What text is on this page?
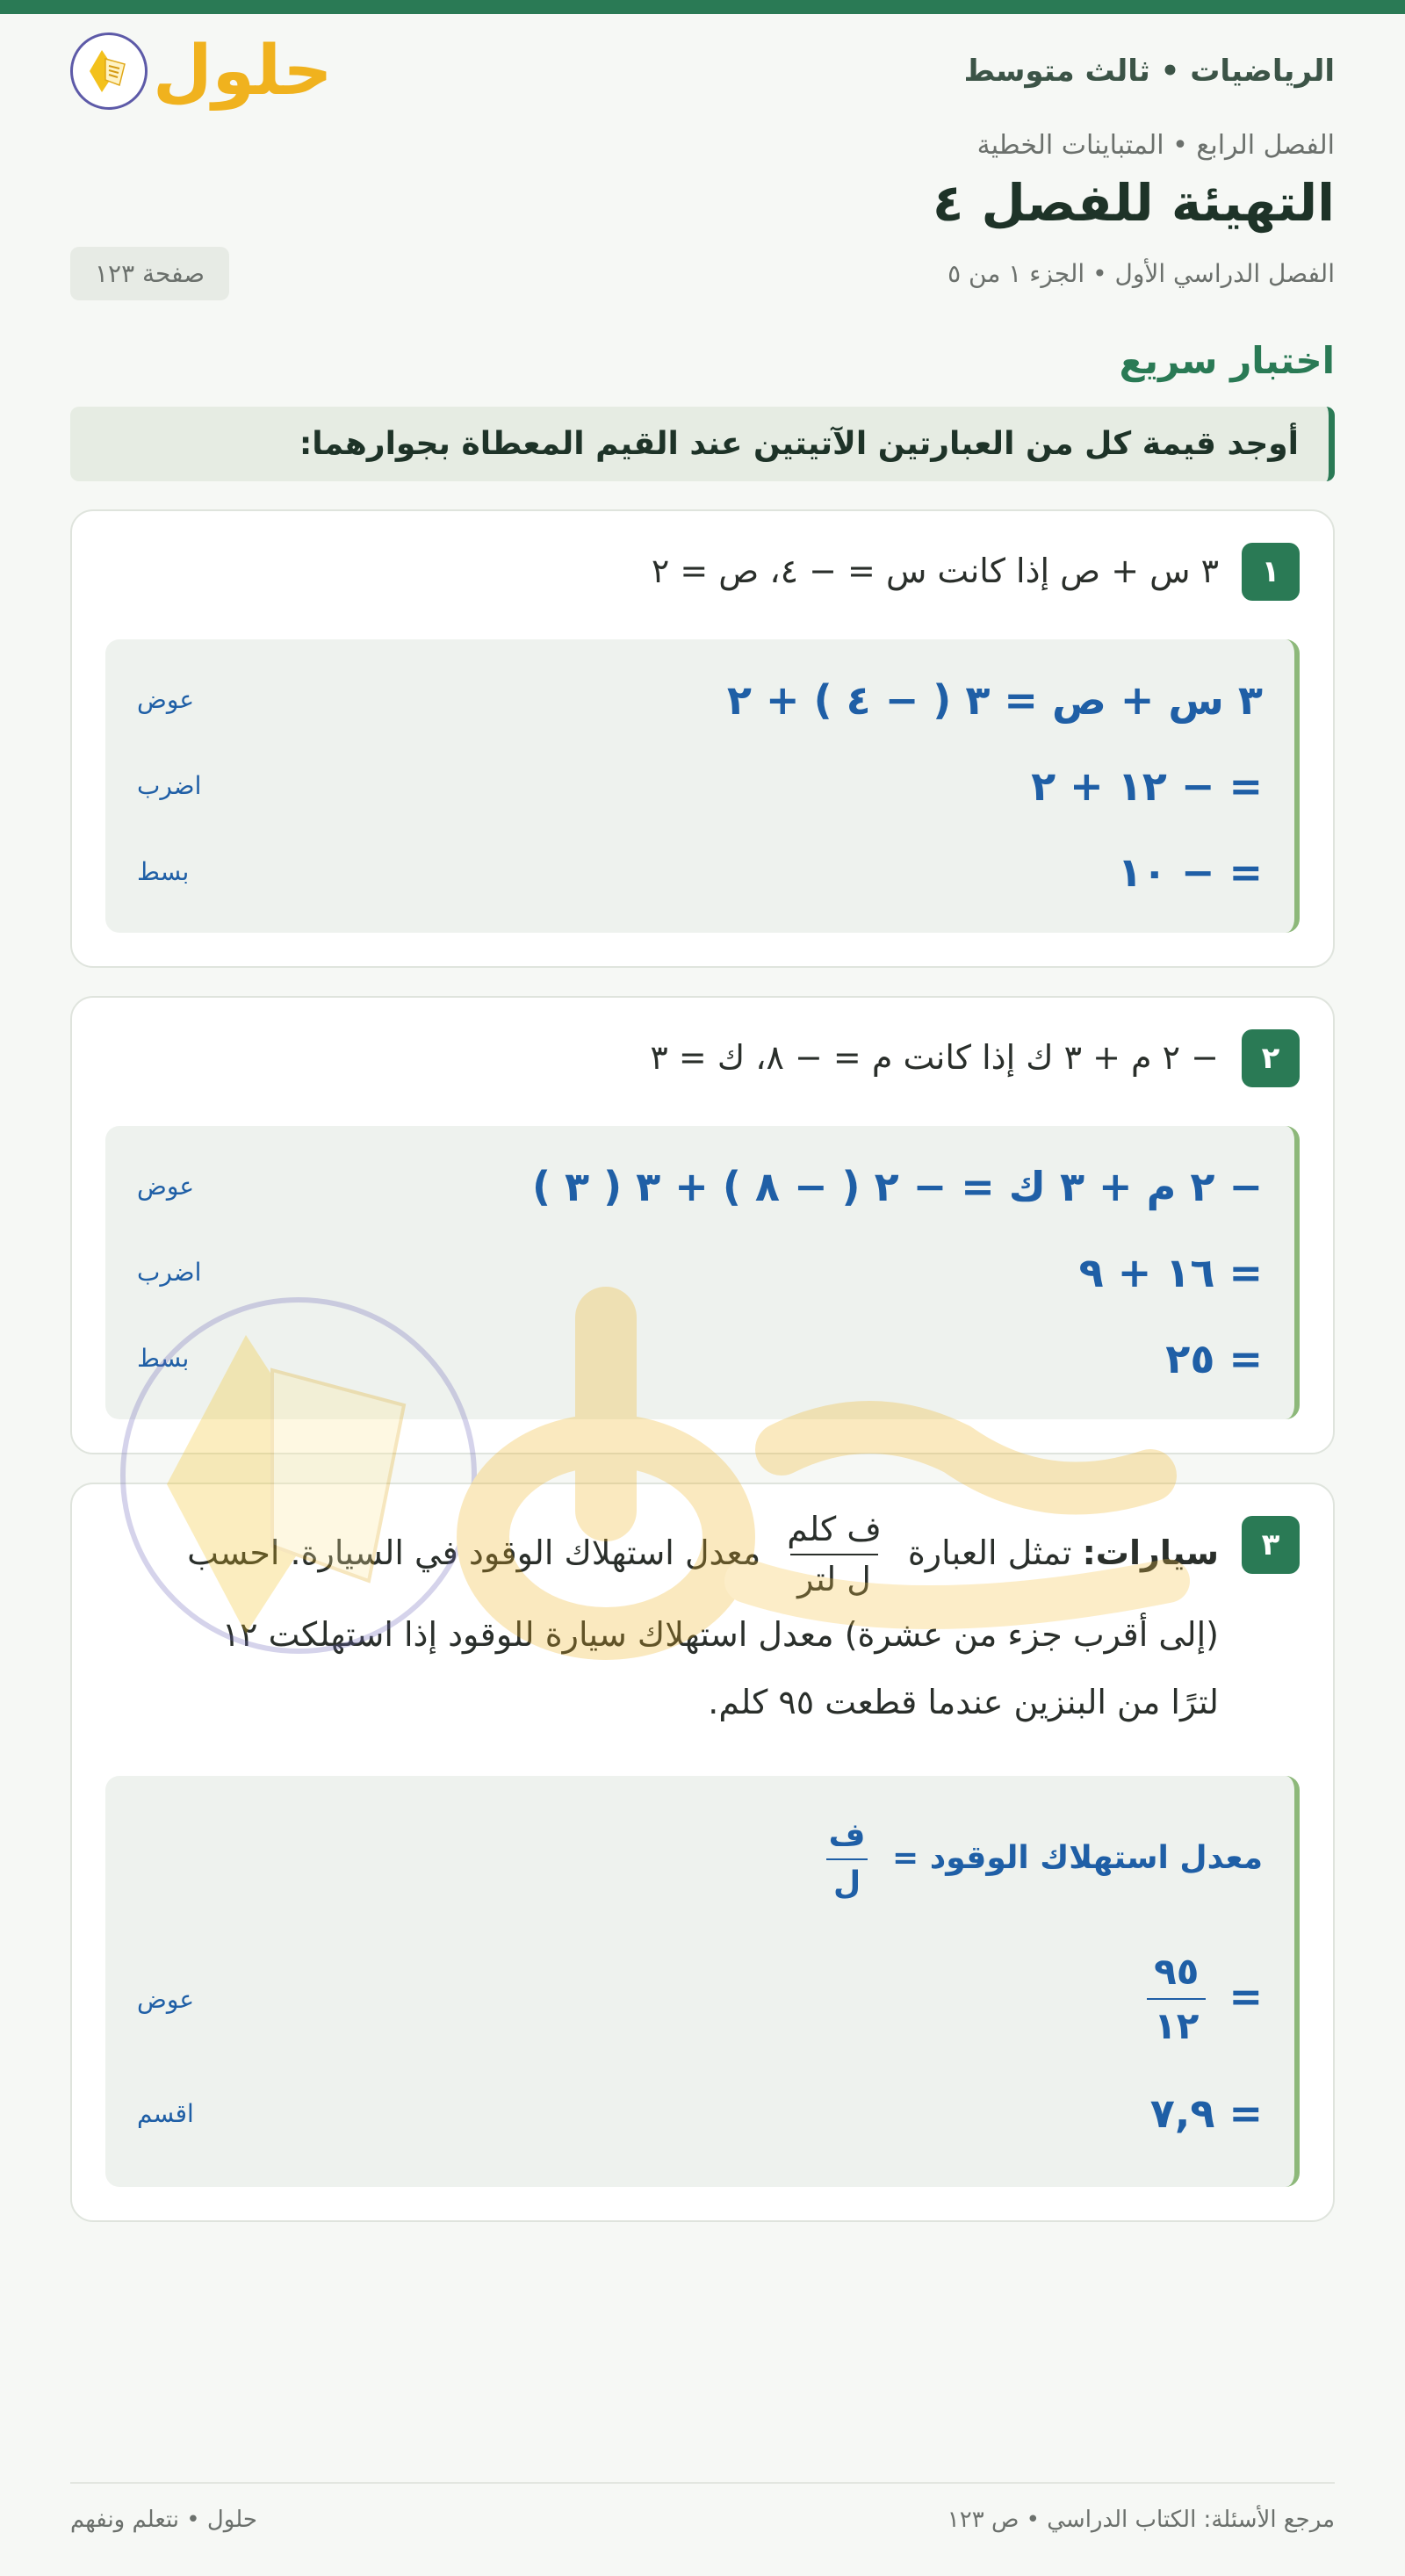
الرياضيات • ثالث متوسط
حلول
الفصل الرابع • المتباينات الخطية
التهيئة للفصل ٤
الفصل الدراسي الأول • الجزء ١ من ٥
صفحة ١٢٣
اختبار سريع
أوجد قيمة كل من العبارتين الآتيتين عند القيم المعطاة بجوارهما:
١
٣ س + ص إذا كانت س = − ٤، ص = ٢
٣ س + ص = ٣ ( − ٤ ) + ٢
عوض
= − ١٢ + ٢
اضرب
= − ١٠
بسط
٢
− ٢ م + ٣ ك إذا كانت م = − ٨، ك = ٣
− ٢ م + ٣ ك = − ٢ ( − ٨ ) + ٣ ( ٣ )
عوض
= ١٦ + ٩
اضرب
= ٢٥
بسط
٣
سيارات: تمثل العبارة
$\frac{\text{ف كلم}}{\text{ل لتر}}$
معدل استهلاك الوقود في السيارة. احسب
(إلى أقرب جزء من عشرة) معدل استهلاك سيارة للوقود إذا استهلكت ١٢
لترًا من البنزين عندما قطعت ٩٥ كلم.
معدل استهلاك الوقود =
$\frac{\text{ف}}{\text{ل}}$
=
$\frac{٩٥}{١٢}$
عوض
= ٧,٩
اقسم
مرجع الأسئلة: الكتاب الدراسي • ص ١٢٣
حلول • نتعلم ونفهم
